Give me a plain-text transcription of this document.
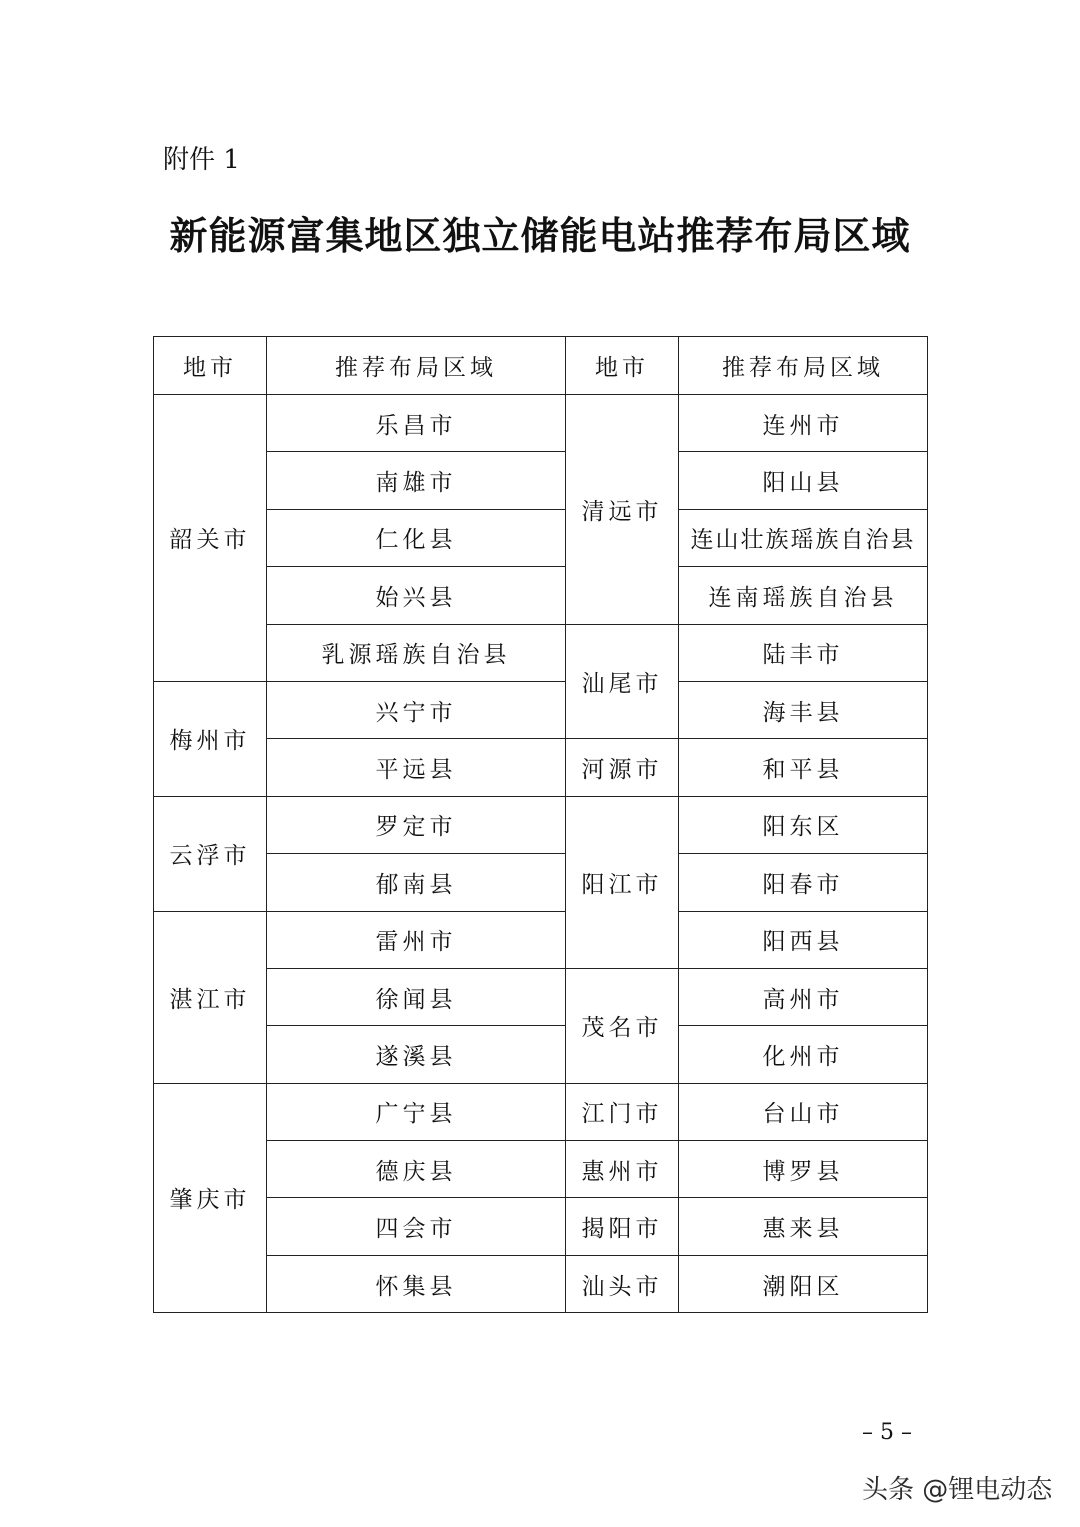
附件 1
新能源富集地区独立储能电站推荐布局区域
地市	推荐布局区域	地市	推荐布局区域
韶关市	乐昌市	清远市	连州市
	南雄市		阳山县
	仁化县		连山壮族瑶族自治县
	始兴县		连南瑶族自治县
	乳源瑶族自治县	汕尾市	陆丰市
梅州市	兴宁市		海丰县
	平远县	河源市	和平县
云浮市	罗定市	阳江市	阳东区
	郁南县		阳春市
湛江市	雷州市		阳西县
	徐闻县	茂名市	高州市
	遂溪县		化州市
肇庆市	广宁县	江门市	台山市
	德庆县	惠州市	博罗县
	四会市	揭阳市	惠来县
	怀集县	汕头市	潮阳区
– 5 –
头条 @锂电动态
